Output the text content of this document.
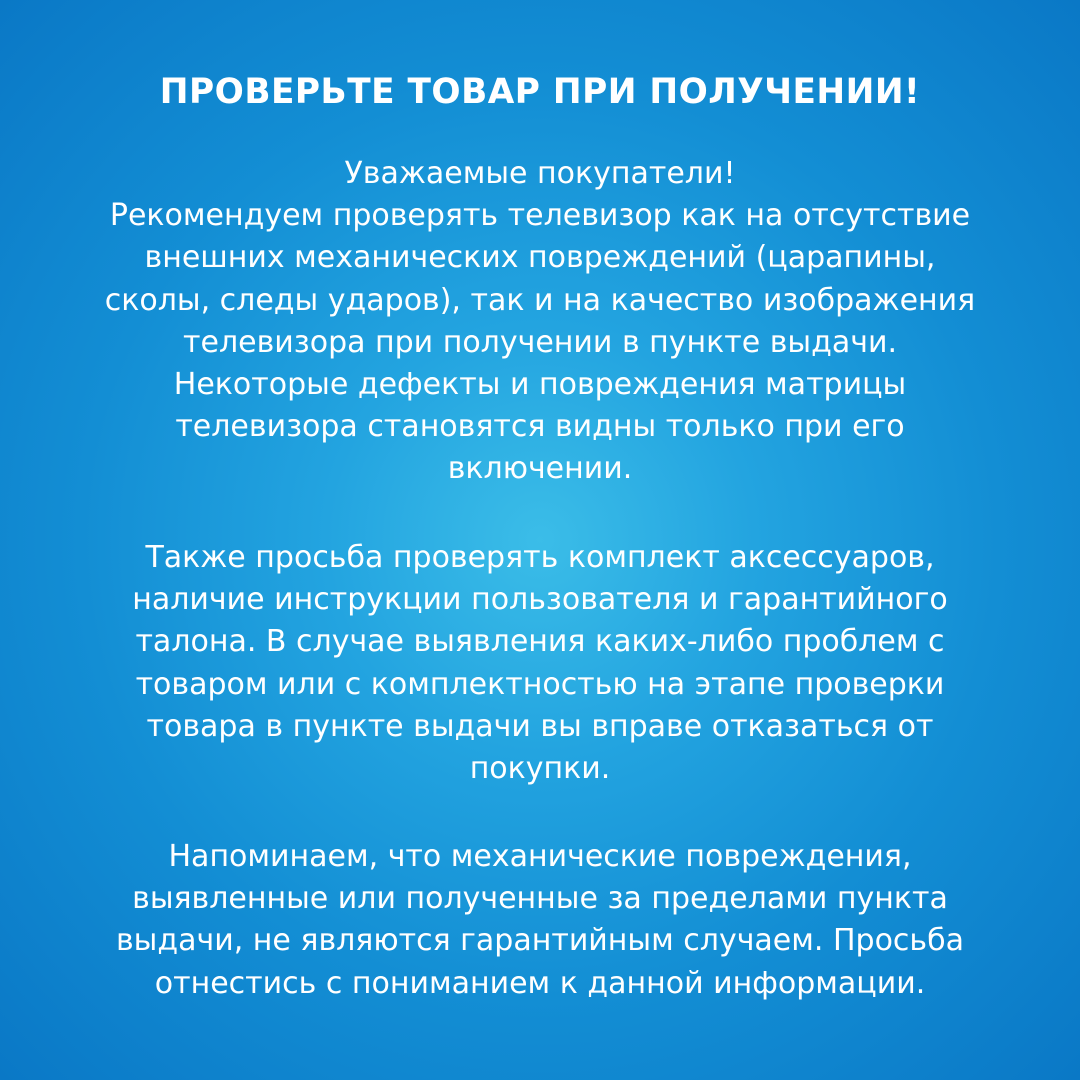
ПРОВЕРЬТЕ ТОВАР ПРИ ПОЛУЧЕНИИ!

Уважаемые покупатели!
Рекомендуем проверять телевизор как на отсутствие
внешних механических повреждений (царапины,
сколы, следы ударов), так и на качество изображения
телевизора при получении в пункте выдачи.
Некоторые дефекты и повреждения матрицы
телевизора становятся видны только при его
включении.

Также просьба проверять комплект аксессуаров,
наличие инструкции пользователя и гарантийного
талона. В случае выявления каких-либо проблем с
товаром или с комплектностью на этапе проверки
товара в пункте выдачи вы вправе отказаться от
покупки.

Напоминаем, что механические повреждения,
выявленные или полученные за пределами пункта
выдачи, не являются гарантийным случаем. Просьба
отнестись с пониманием к данной информации.
